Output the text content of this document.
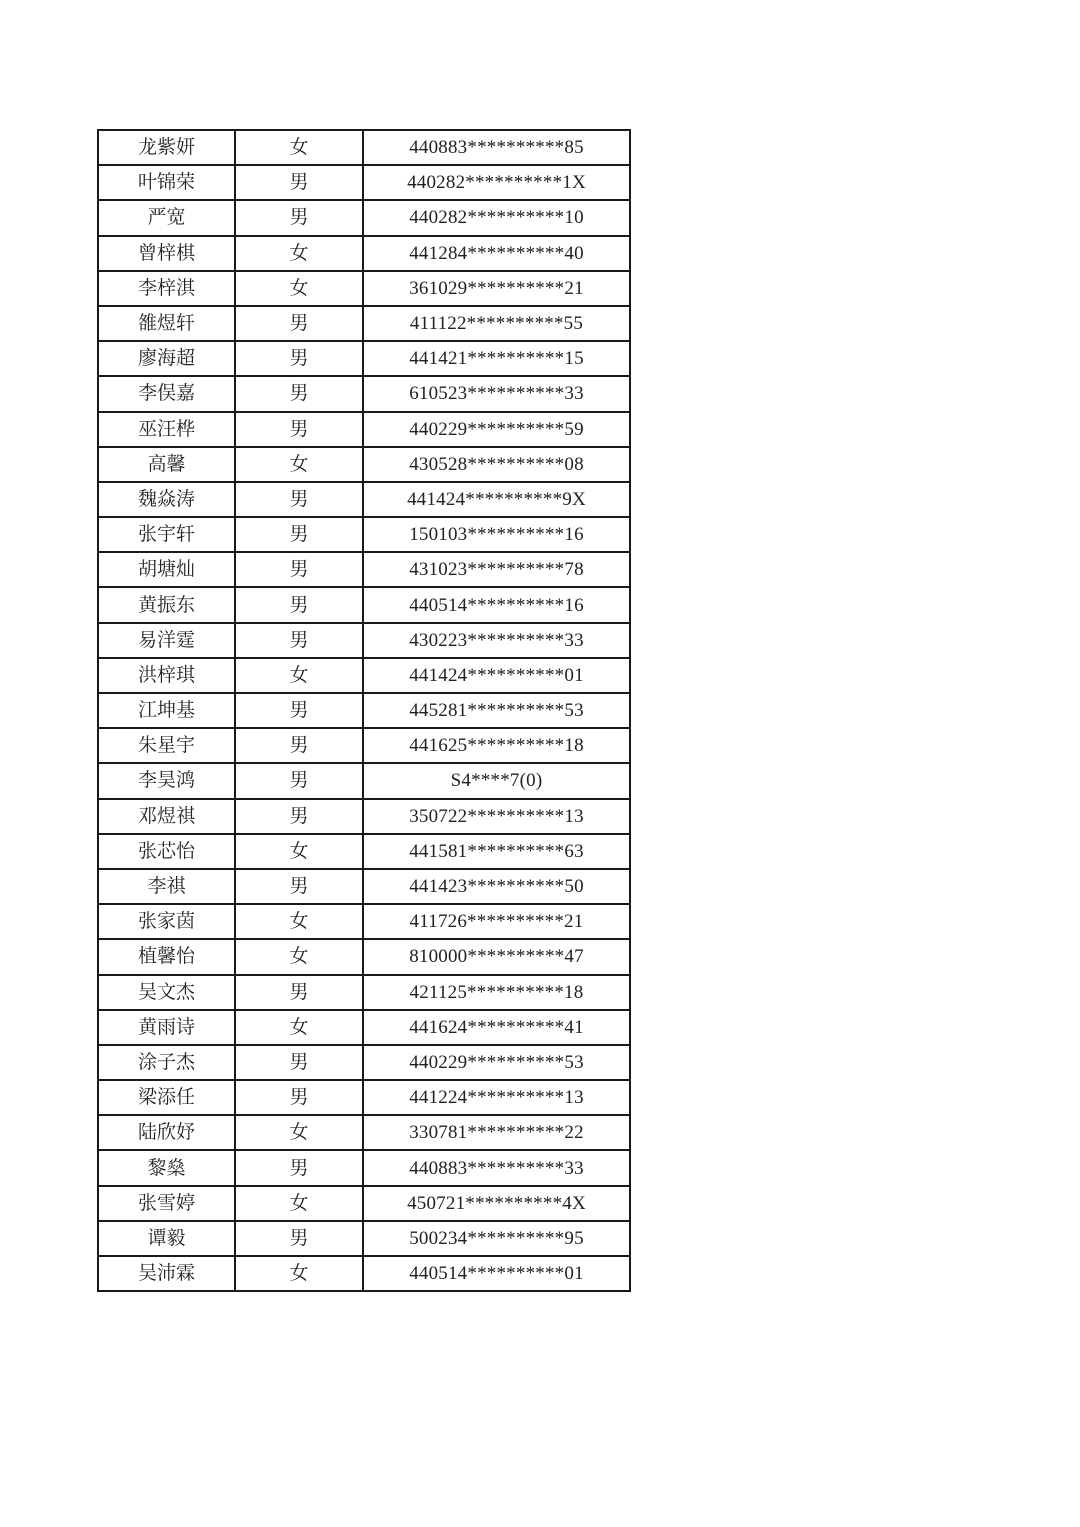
龙紫妍	女	440883**********85
叶锦荣	男	440282**********1X
严宽	男	440282**********10
曾梓棋	女	441284**********40
李梓淇	女	361029**********21
雒煜轩	男	411122**********55
廖海超	男	441421**********15
李俣嘉	男	610523**********33
巫汪桦	男	440229**********59
高馨	女	430528**********08
魏焱涛	男	441424**********9X
张宇轩	男	150103**********16
胡塘灿	男	431023**********78
黄振东	男	440514**********16
易洋霆	男	430223**********33
洪梓琪	女	441424**********01
江坤基	男	445281**********53
朱星宇	男	441625**********18
李昊鸿	男	S4****7(0)
邓煜祺	男	350722**********13
张芯怡	女	441581**********63
李祺	男	441423**********50
张家茵	女	411726**********21
植馨怡	女	810000**********47
吴文杰	男	421125**********18
黄雨诗	女	441624**********41
涂子杰	男	440229**********53
梁添任	男	441224**********13
陆欣妤	女	330781**********22
黎燊	男	440883**********33
张雪婷	女	450721**********4X
谭毅	男	500234**********95
吴沛霖	女	440514**********01
